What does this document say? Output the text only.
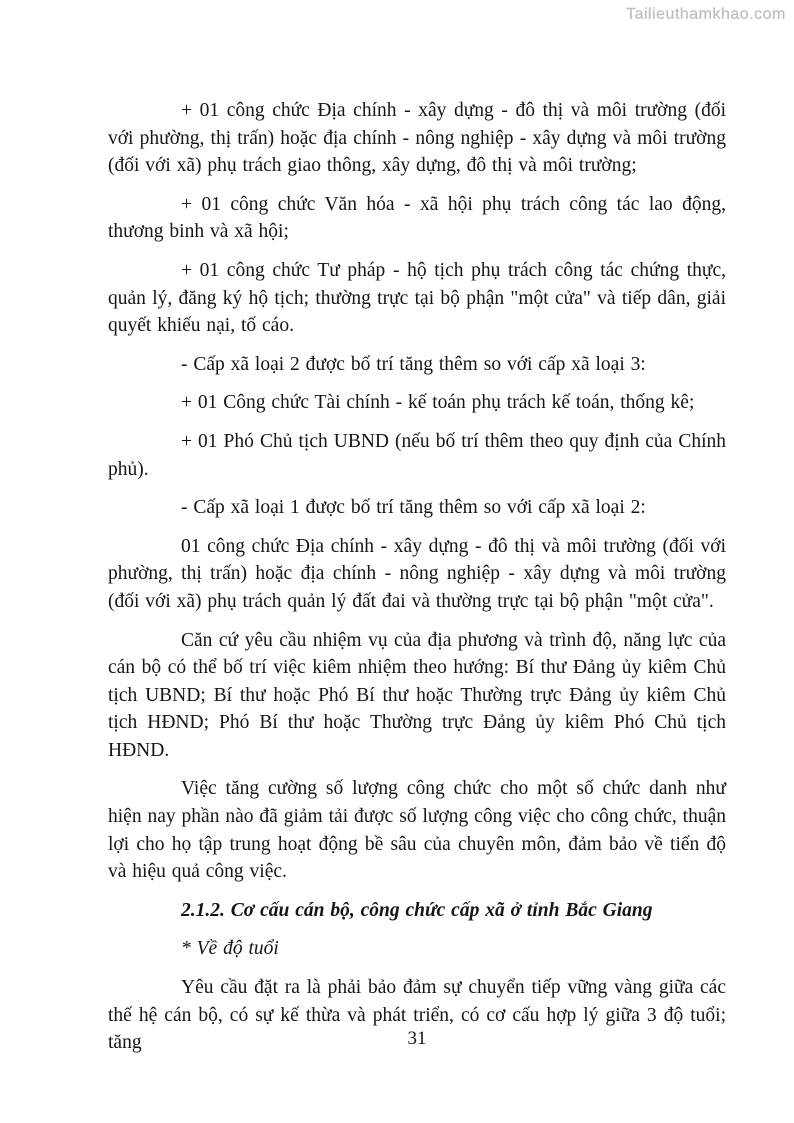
Tailieuthamkhao.com

+ 01 công chức Địa chính - xây dựng - đô thị và môi trường (đối với phường, thị trấn) hoặc địa chính - nông nghiệp - xây dựng và môi trường (đối với xã) phụ trách giao thông, xây dựng, đô thị và môi trường;

+ 01 công chức Văn hóa - xã hội phụ trách công tác lao động, thương binh và xã hội;

+ 01 công chức Tư pháp - hộ tịch phụ trách công tác chứng thực, quản lý, đăng ký hộ tịch; thường trực tại bộ phận "một cửa" và tiếp dân, giải quyết khiếu nại, tố cáo.

- Cấp xã loại 2 được bố trí tăng thêm so với cấp xã loại 3:

+ 01 Công chức Tài chính - kế toán phụ trách kế toán, thống kê;

+ 01 Phó Chủ tịch UBND (nếu bố trí thêm theo quy định của Chính phủ).

- Cấp xã loại 1 được bố trí tăng thêm so với cấp xã loại 2:

01 công chức Địa chính - xây dựng - đô thị và môi trường (đối với phường, thị trấn) hoặc địa chính - nông nghiệp - xây dựng và môi trường (đối với xã) phụ trách quản lý đất đai và thường trực tại bộ phận "một cửa".

Căn cứ yêu cầu nhiệm vụ của địa phương và trình độ, năng lực của cán bộ có thể bố trí việc kiêm nhiệm theo hướng: Bí thư Đảng ủy kiêm Chủ tịch UBND; Bí thư hoặc Phó Bí thư hoặc Thường trực Đảng ủy kiêm Chủ tịch HĐND; Phó Bí thư hoặc Thường trực Đảng ủy kiêm Phó Chủ tịch HĐND.

Việc tăng cường số lượng công chức cho một số chức danh như hiện nay phần nào đã giảm tải được số lượng công việc cho công chức, thuận lợi cho họ tập trung hoạt động bề sâu của chuyên môn, đảm bảo về tiến độ và hiệu quả công việc.

2.1.2. Cơ cấu cán bộ, công chức cấp xã ở tỉnh Bắc Giang

* Về độ tuổi

Yêu cầu đặt ra là phải bảo đảm sự chuyển tiếp vững vàng giữa các thế hệ cán bộ, có sự kế thừa và phát triển, có cơ cấu hợp lý giữa 3 độ tuổi; tăng	31
